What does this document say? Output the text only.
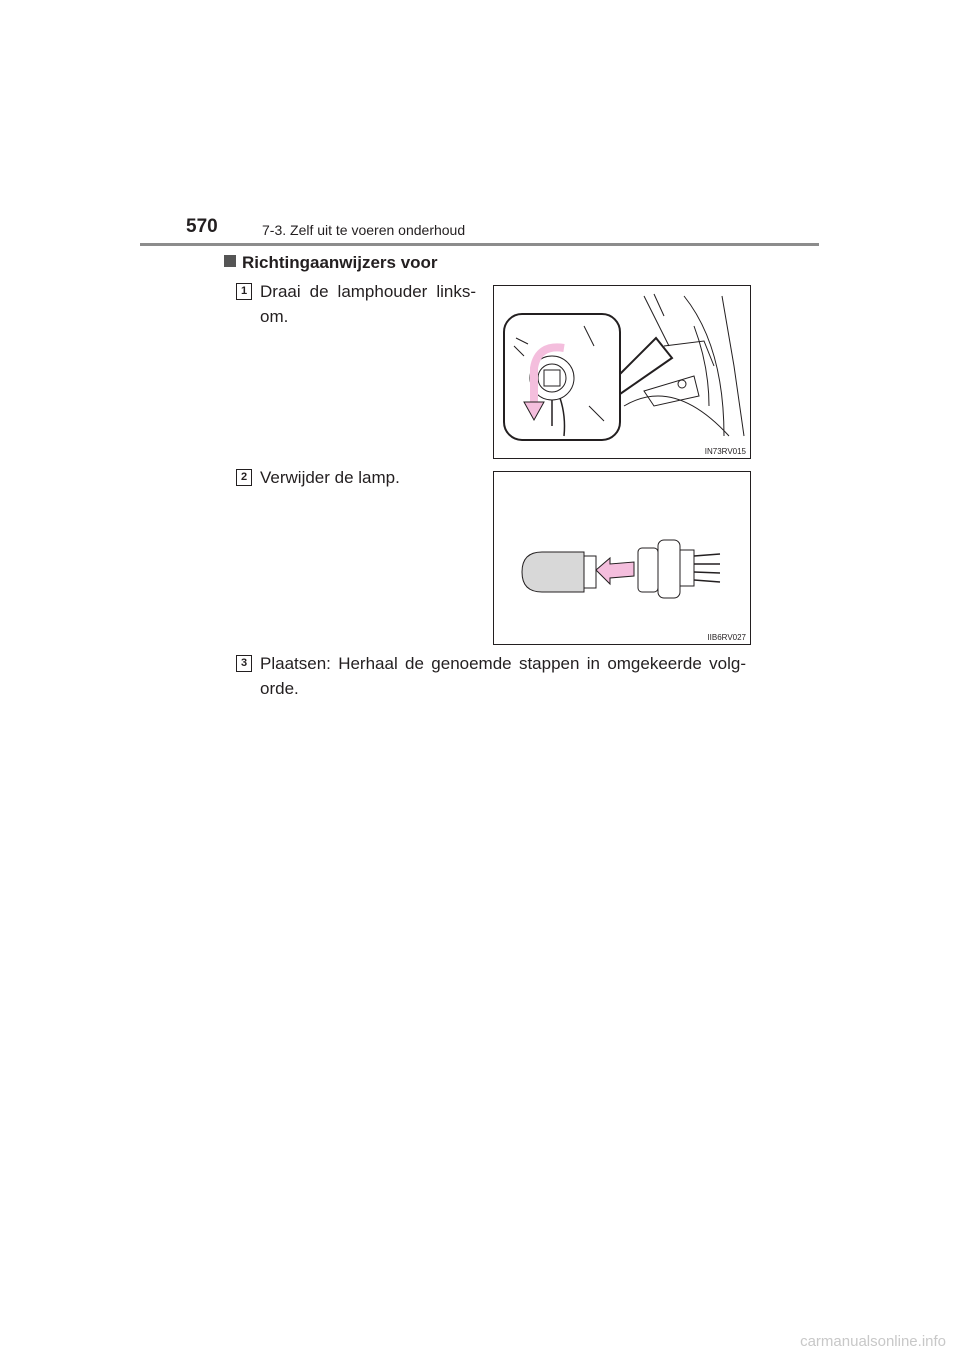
570	7-3. Zelf uit te voeren onderhoud
Richtingaanwijzers voor
1 Draai de lamphouder links-om.
IN73RV015
2 Verwijder de lamp.
IIB6RV027
3 Plaatsen: Herhaal de genoemde stappen in omgekeerde volg-orde.
carmanualsonline.info
